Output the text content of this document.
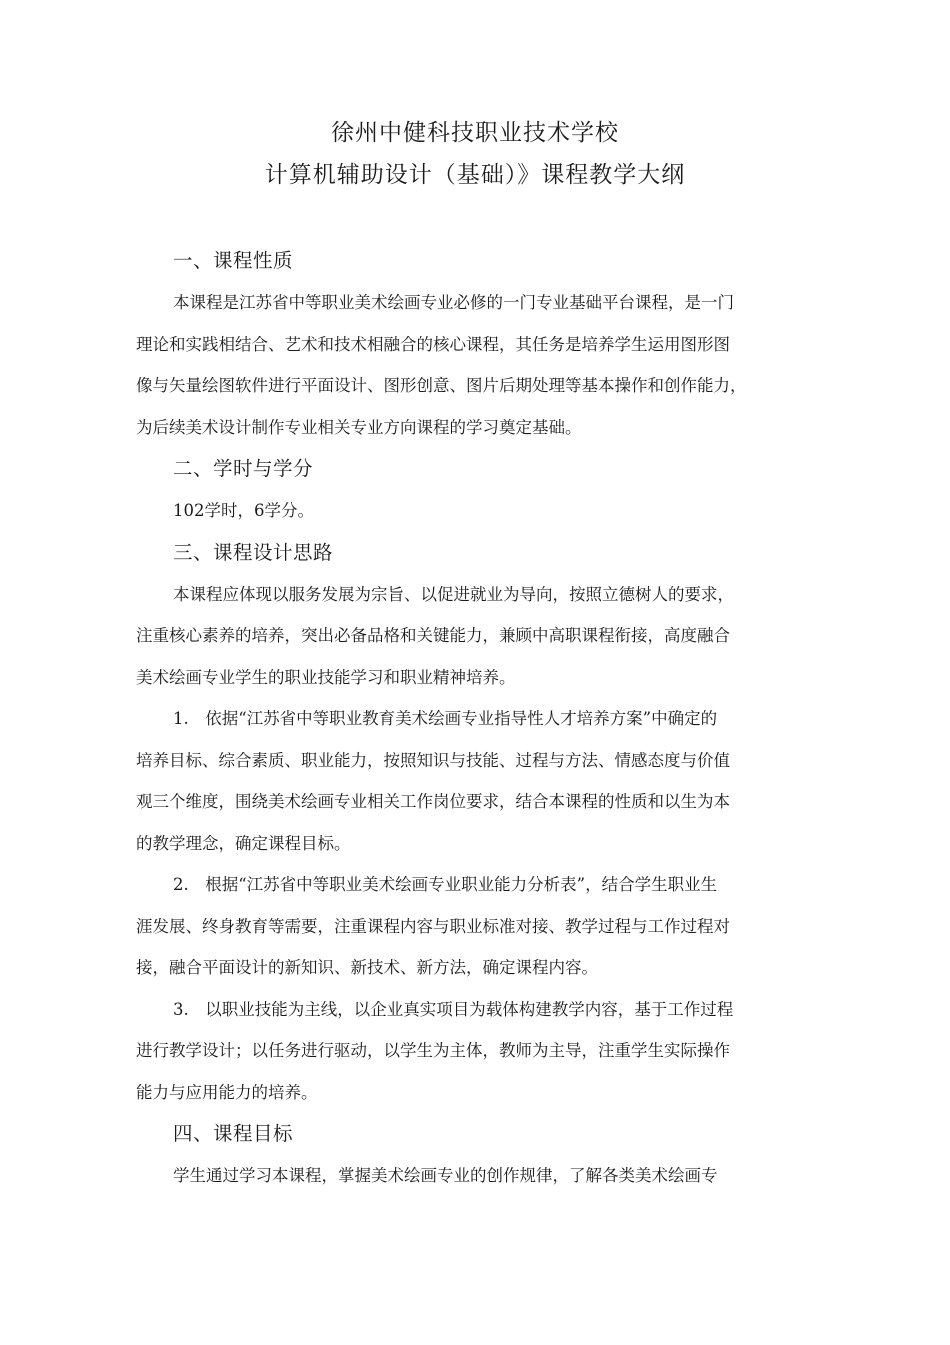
徐州中健科技职业技术学校
计算机辅助设计（基础）》课程教学大纲
一、课程性质
本课程是江苏省中等职业美术绘画专业必修的一门专业基础平台课程，是一门
理论和实践相结合、艺术和技术相融合的核心课程，其任务是培养学生运用图形图
像与矢量绘图软件进行平面设计、图形创意、图片后期处理等基本操作和创作能力，
为后续美术设计制作专业相关专业方向课程的学习奠定基础。
二、学时与学分
102学时，6学分。
三、课程设计思路
本课程应体现以服务发展为宗旨、以促进就业为导向，按照立德树人的要求，
注重核心素养的培养，突出必备品格和关键能力，兼顾中高职课程衔接，高度融合
美术绘画专业学生的职业技能学习和职业精神培养。
1.　依据“江苏省中等职业教育美术绘画专业指导性人才培养方案”中确定的
培养目标、综合素质、职业能力，按照知识与技能、过程与方法、情感态度与价值
观三个维度，围绕美术绘画专业相关工作岗位要求，结合本课程的性质和以生为本
的教学理念，确定课程目标。
2.　根据“江苏省中等职业美术绘画专业职业能力分析表”，结合学生职业生
涯发展、终身教育等需要，注重课程内容与职业标准对接、教学过程与工作过程对
接，融合平面设计的新知识、新技术、新方法，确定课程内容。
3.　以职业技能为主线，以企业真实项目为载体构建教学内容，基于工作过程
进行教学设计；以任务进行驱动，以学生为主体，教师为主导，注重学生实际操作
能力与应用能力的培养。
四、课程目标
学生通过学习本课程，掌握美术绘画专业的创作规律，了解各类美术绘画专
